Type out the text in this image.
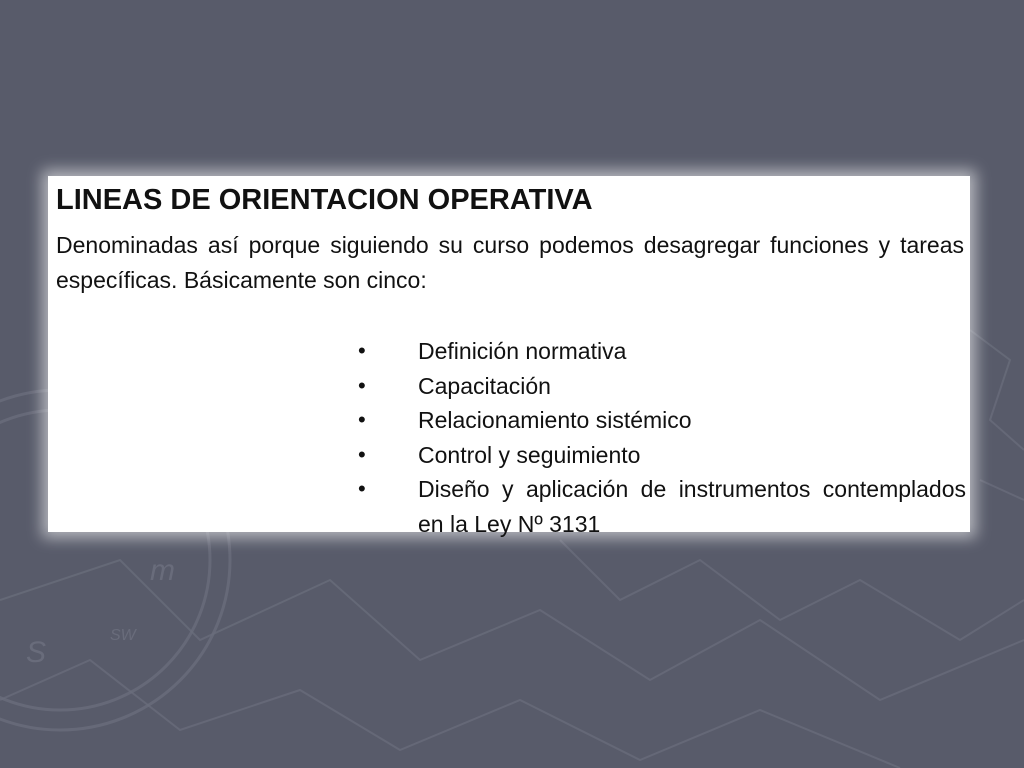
m
S
SW
LINEAS DE ORIENTACION OPERATIVA

Denominadas así porque siguiendo su curso podemos desagregar funciones y tareas específicas. Básicamente son cinco:

• Definición normativa
• Capacitación
• Relacionamiento sistémico
• Control y seguimiento
• Diseño y aplicación de instrumentos contemplados en la Ley Nº 3131
